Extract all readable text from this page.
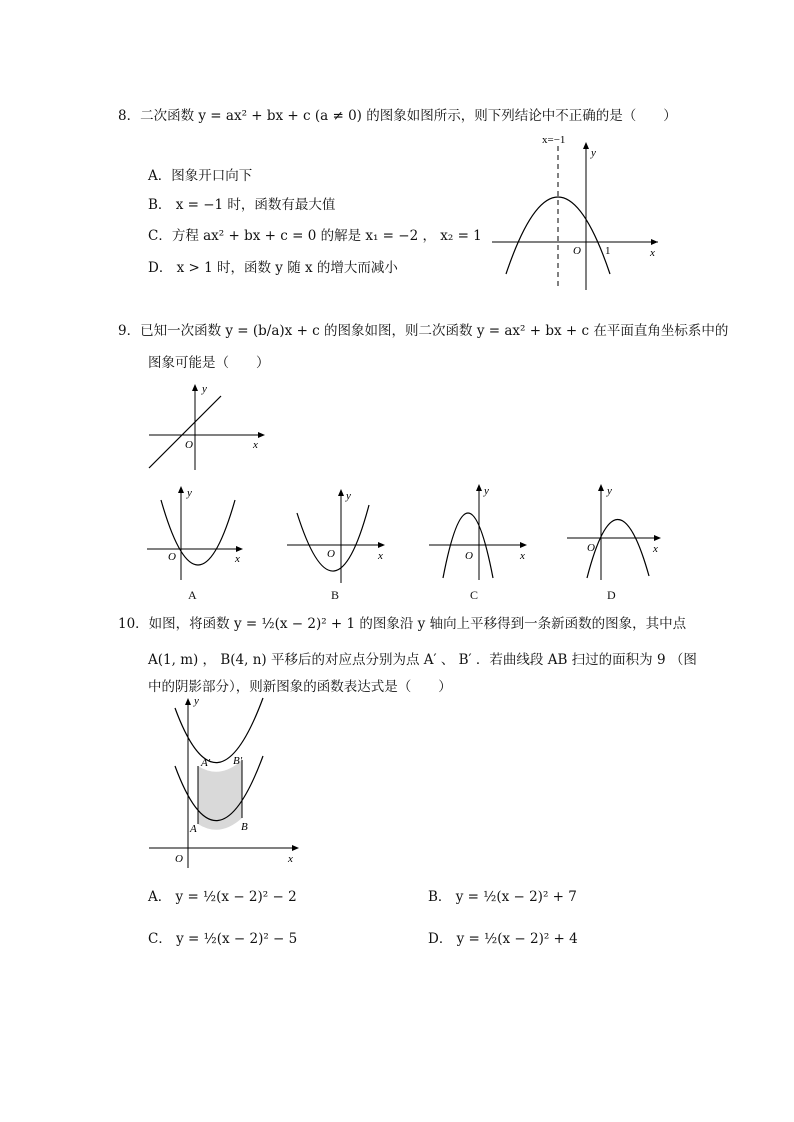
8．二次函数 y = ax² + bx + c (a ≠ 0) 的图象如图所示，则下列结论中不正确的是（　　）
A．图象开口向下
B． x = −1 时，函数有最大值
C．方程 ax² + bx + c = 0 的解是 x₁ = −2 ， x₂ = 1
D． x > 1 时，函数 y 随 x 的增大而减小
x=−1
y
x
O 1
9．已知一次函数 y = (b/a)x + c 的图象如图，则二次函数 y = ax² + bx + c 在平面直角坐标系中的
图象可能是（　　）
y
x
O
y
x
O
A
y
x
O
B
y
x
O
C
y
x
O
D
10．如图，将函数 y = ½(x − 2)² + 1 的图象沿 y 轴向上平移得到一条新函数的图象，其中点
A(1, m) ， B(4, n) 平移后的对应点分别为点 A′ 、 B′ ．若曲线段 AB 扫过的面积为 9 （图
中的阴影部分），则新图象的函数表达式是（　　）
y
x
O
A	B
A′ B′
A． y = ½(x − 2)² − 2	B． y = ½(x − 2)² + 7
C． y = ½(x − 2)² − 5	D． y = ½(x − 2)² + 4
